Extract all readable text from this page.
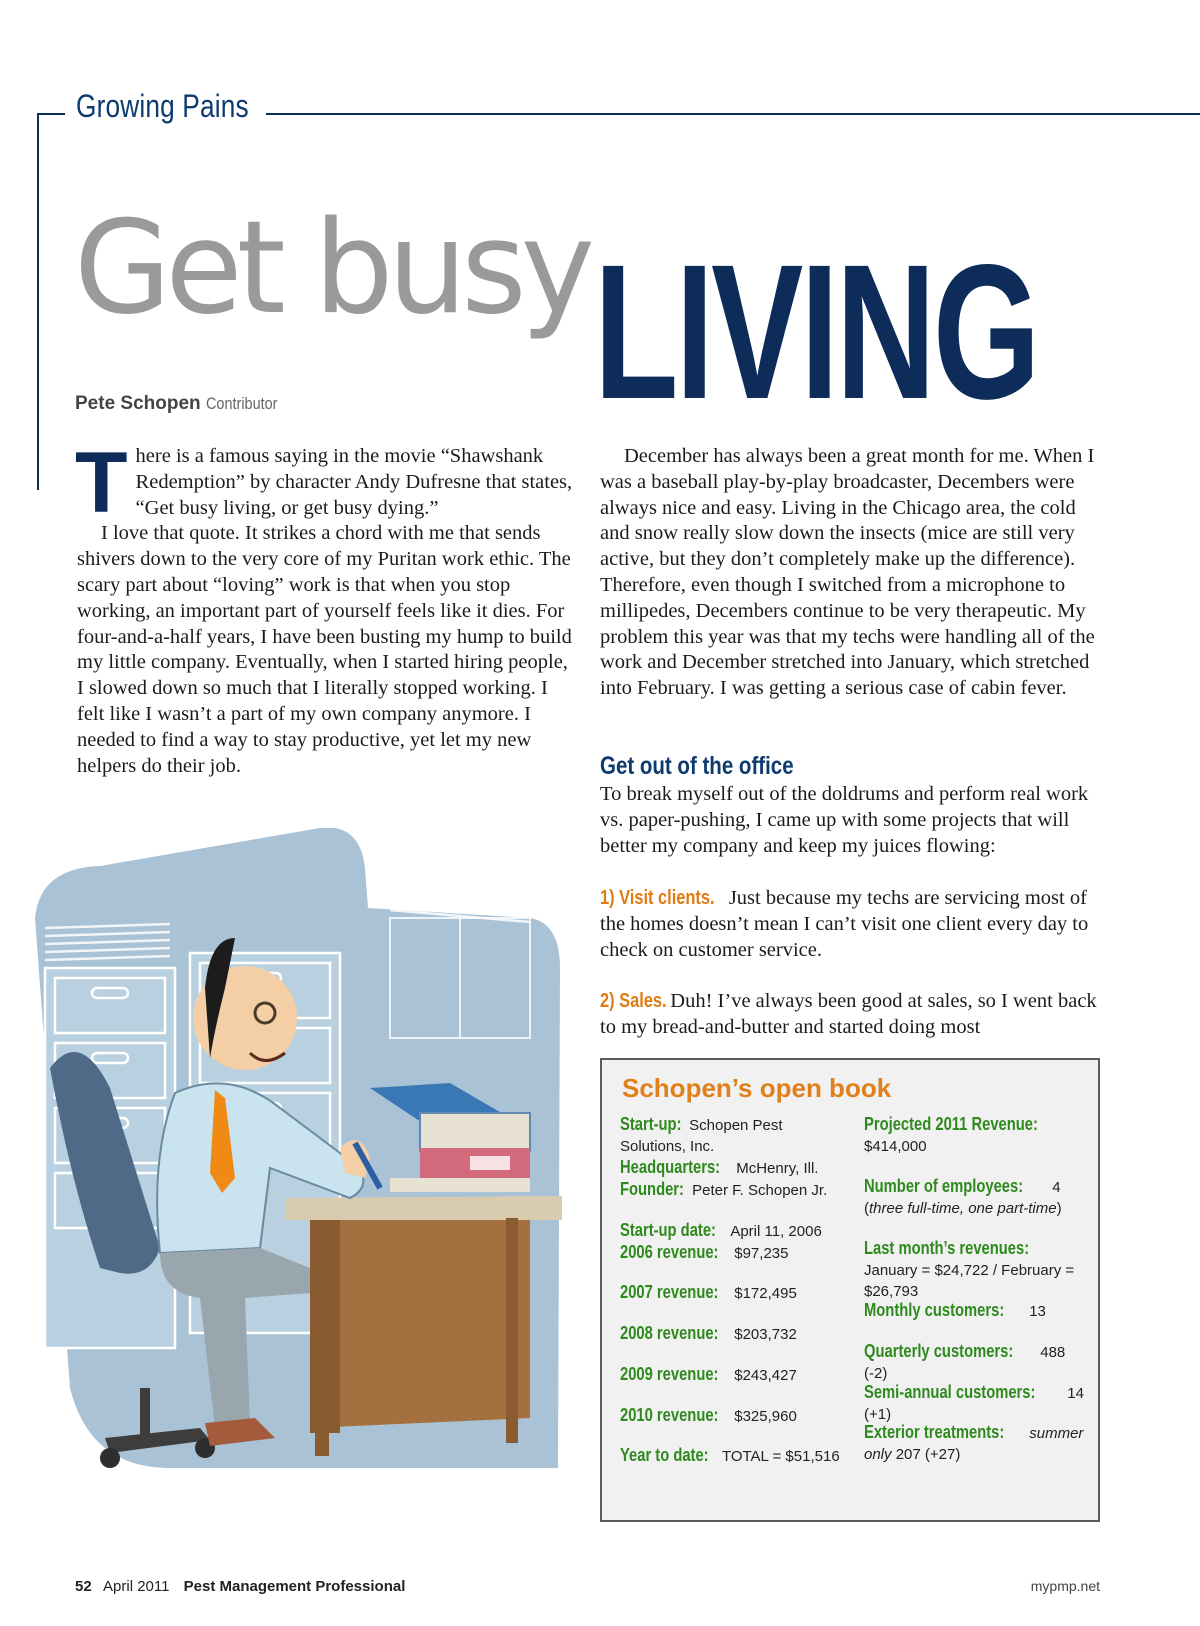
Growing Pains
Get busy LIVING
Pete Schopen Contributor

T here is a famous saying in the movie “Shawshank Redemption” by character Andy Dufresne that states, “Get busy living, or get busy dying.”

I love that quote. It strikes a chord with me that sends shivers down to the very core of my Puritan work ethic. The scary part about “loving” work is that when you stop working, an important part of yourself feels like it dies. For four-and-a-half years, I have been busting my hump to build my little company. Eventually, when I started hiring people, I slowed down so much that I literally stopped working. I felt like I wasn’t a part of my own company anymore. I needed to find a way to stay productive, yet let my new helpers do their job.

December has always been a great month for me. When I was a baseball play-by-play broadcaster, Decembers were always nice and easy. Living in the Chicago area, the cold and snow really slow down the insects (mice are still very active, but they don’t completely make up the difference). Therefore, even though I switched from a microphone to millipedes, Decembers continue to be very therapeutic. My problem this year was that my techs were handling all of the work and December stretched into January, which stretched into February. I was getting a serious case of cabin fever.

Get out of the office

To break myself out of the doldrums and perform real work vs. paper-pushing, I came up with some projects that will better my company and keep my juices flowing:

1) Visit clients. Just because my techs are servicing most of the homes doesn’t mean I can’t visit one client every day to check on customer service.
2) Sales. Duh! I’ve always been good at sales, so I went back to my bread-and-butter and started doing most
Schopen’s open book
Start-up: Schopen Pest Solutions, Inc.
Headquarters: McHenry, Ill.
Founder: Peter F. Schopen Jr.
Start-up date: April 11, 2006
2006 revenue: $97,235
2007 revenue: $172,495
2008 revenue: $203,732
2009 revenue: $243,427
2010 revenue: $325,960
Year to date: TOTAL = $51,516
Projected 2011 Revenue:
$414,000
Number of employees: 4 (three full-time, one part-time)
Last month’s revenues: January = $24,722 / February = $26,793
Monthly customers: 13
Quarterly customers: 488 (-2)
Semi-annual customers: 14 (+1)
Exterior treatments: summer only 207 (+27)
52 April 2011 Pest Management Professional	mypmp.net
